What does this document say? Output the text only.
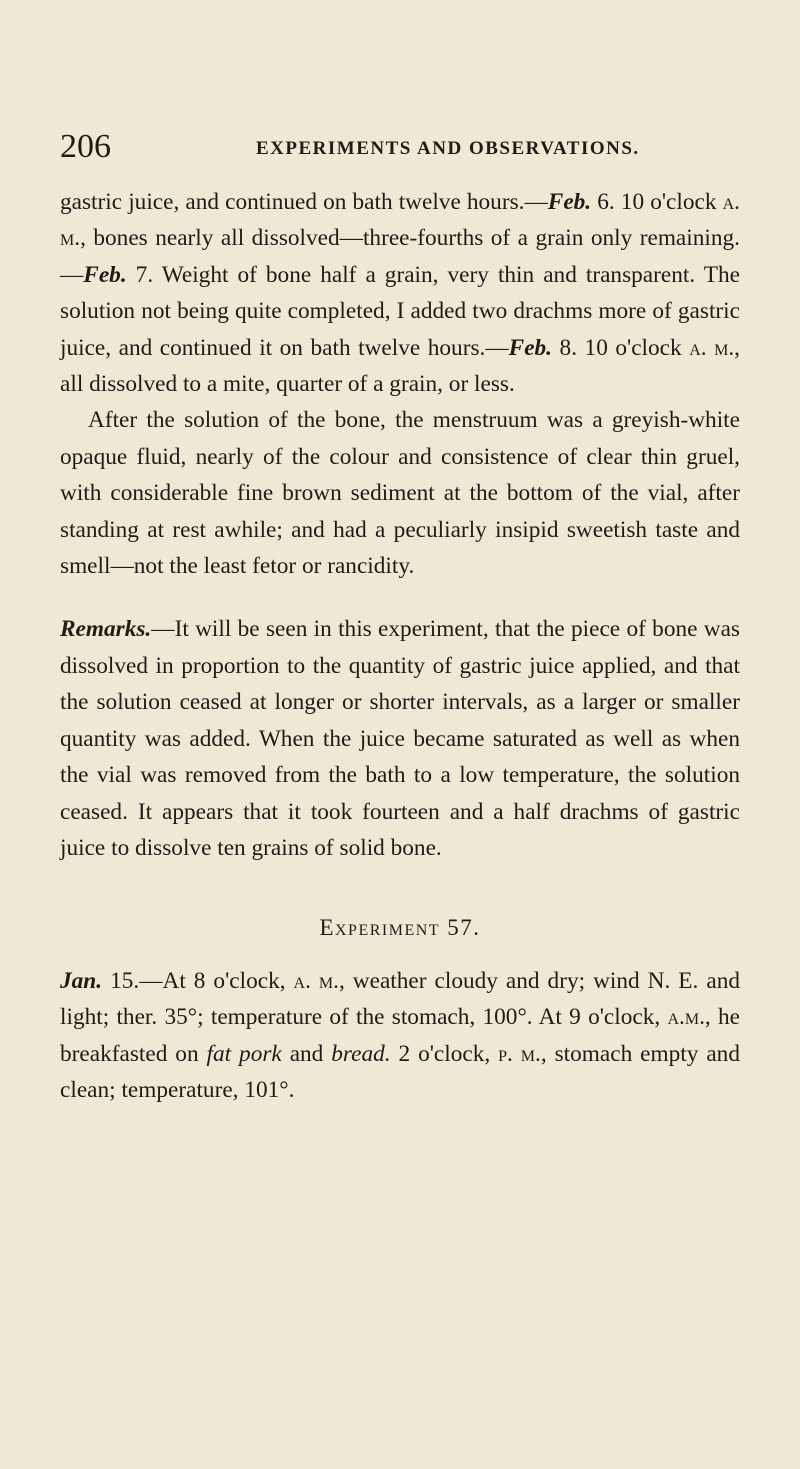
206	EXPERIMENTS AND OBSERVATIONS.

gastric juice, and continued on bath twelve hours.—Feb. 6. 10 o'clock a. m., bones nearly all dissolved—three-fourths of a grain only remaining.—Feb. 7. Weight of bone half a grain, very thin and transparent. The solution not being quite completed, I added two drachms more of gastric juice, and continued it on bath twelve hours.—Feb. 8. 10 o'clock a. m., all dissolved to a mite, quarter of a grain, or less.

After the solution of the bone, the menstruum was a greyish-white opaque fluid, nearly of the colour and consistence of clear thin gruel, with considerable fine brown sediment at the bottom of the vial, after standing at rest awhile; and had a peculiarly insipid sweetish taste and smell—not the least fetor or rancidity.

Remarks.—It will be seen in this experiment, that the piece of bone was dissolved in proportion to the quantity of gastric juice applied, and that the solution ceased at longer or shorter intervals, as a larger or smaller quantity was added. When the juice became saturated as well as when the vial was removed from the bath to a low temperature, the solution ceased. It appears that it took fourteen and a half drachms of gastric juice to dissolve ten grains of solid bone.

Experiment 57.

Jan. 15.—At 8 o'clock, a. m., weather cloudy and dry; wind N. E. and light; ther. 35°; temperature of the stomach, 100°. At 9 o'clock, a.m., he breakfasted on fat pork and bread. 2 o'clock, p. m., stomach empty and clean; temperature, 101°.
